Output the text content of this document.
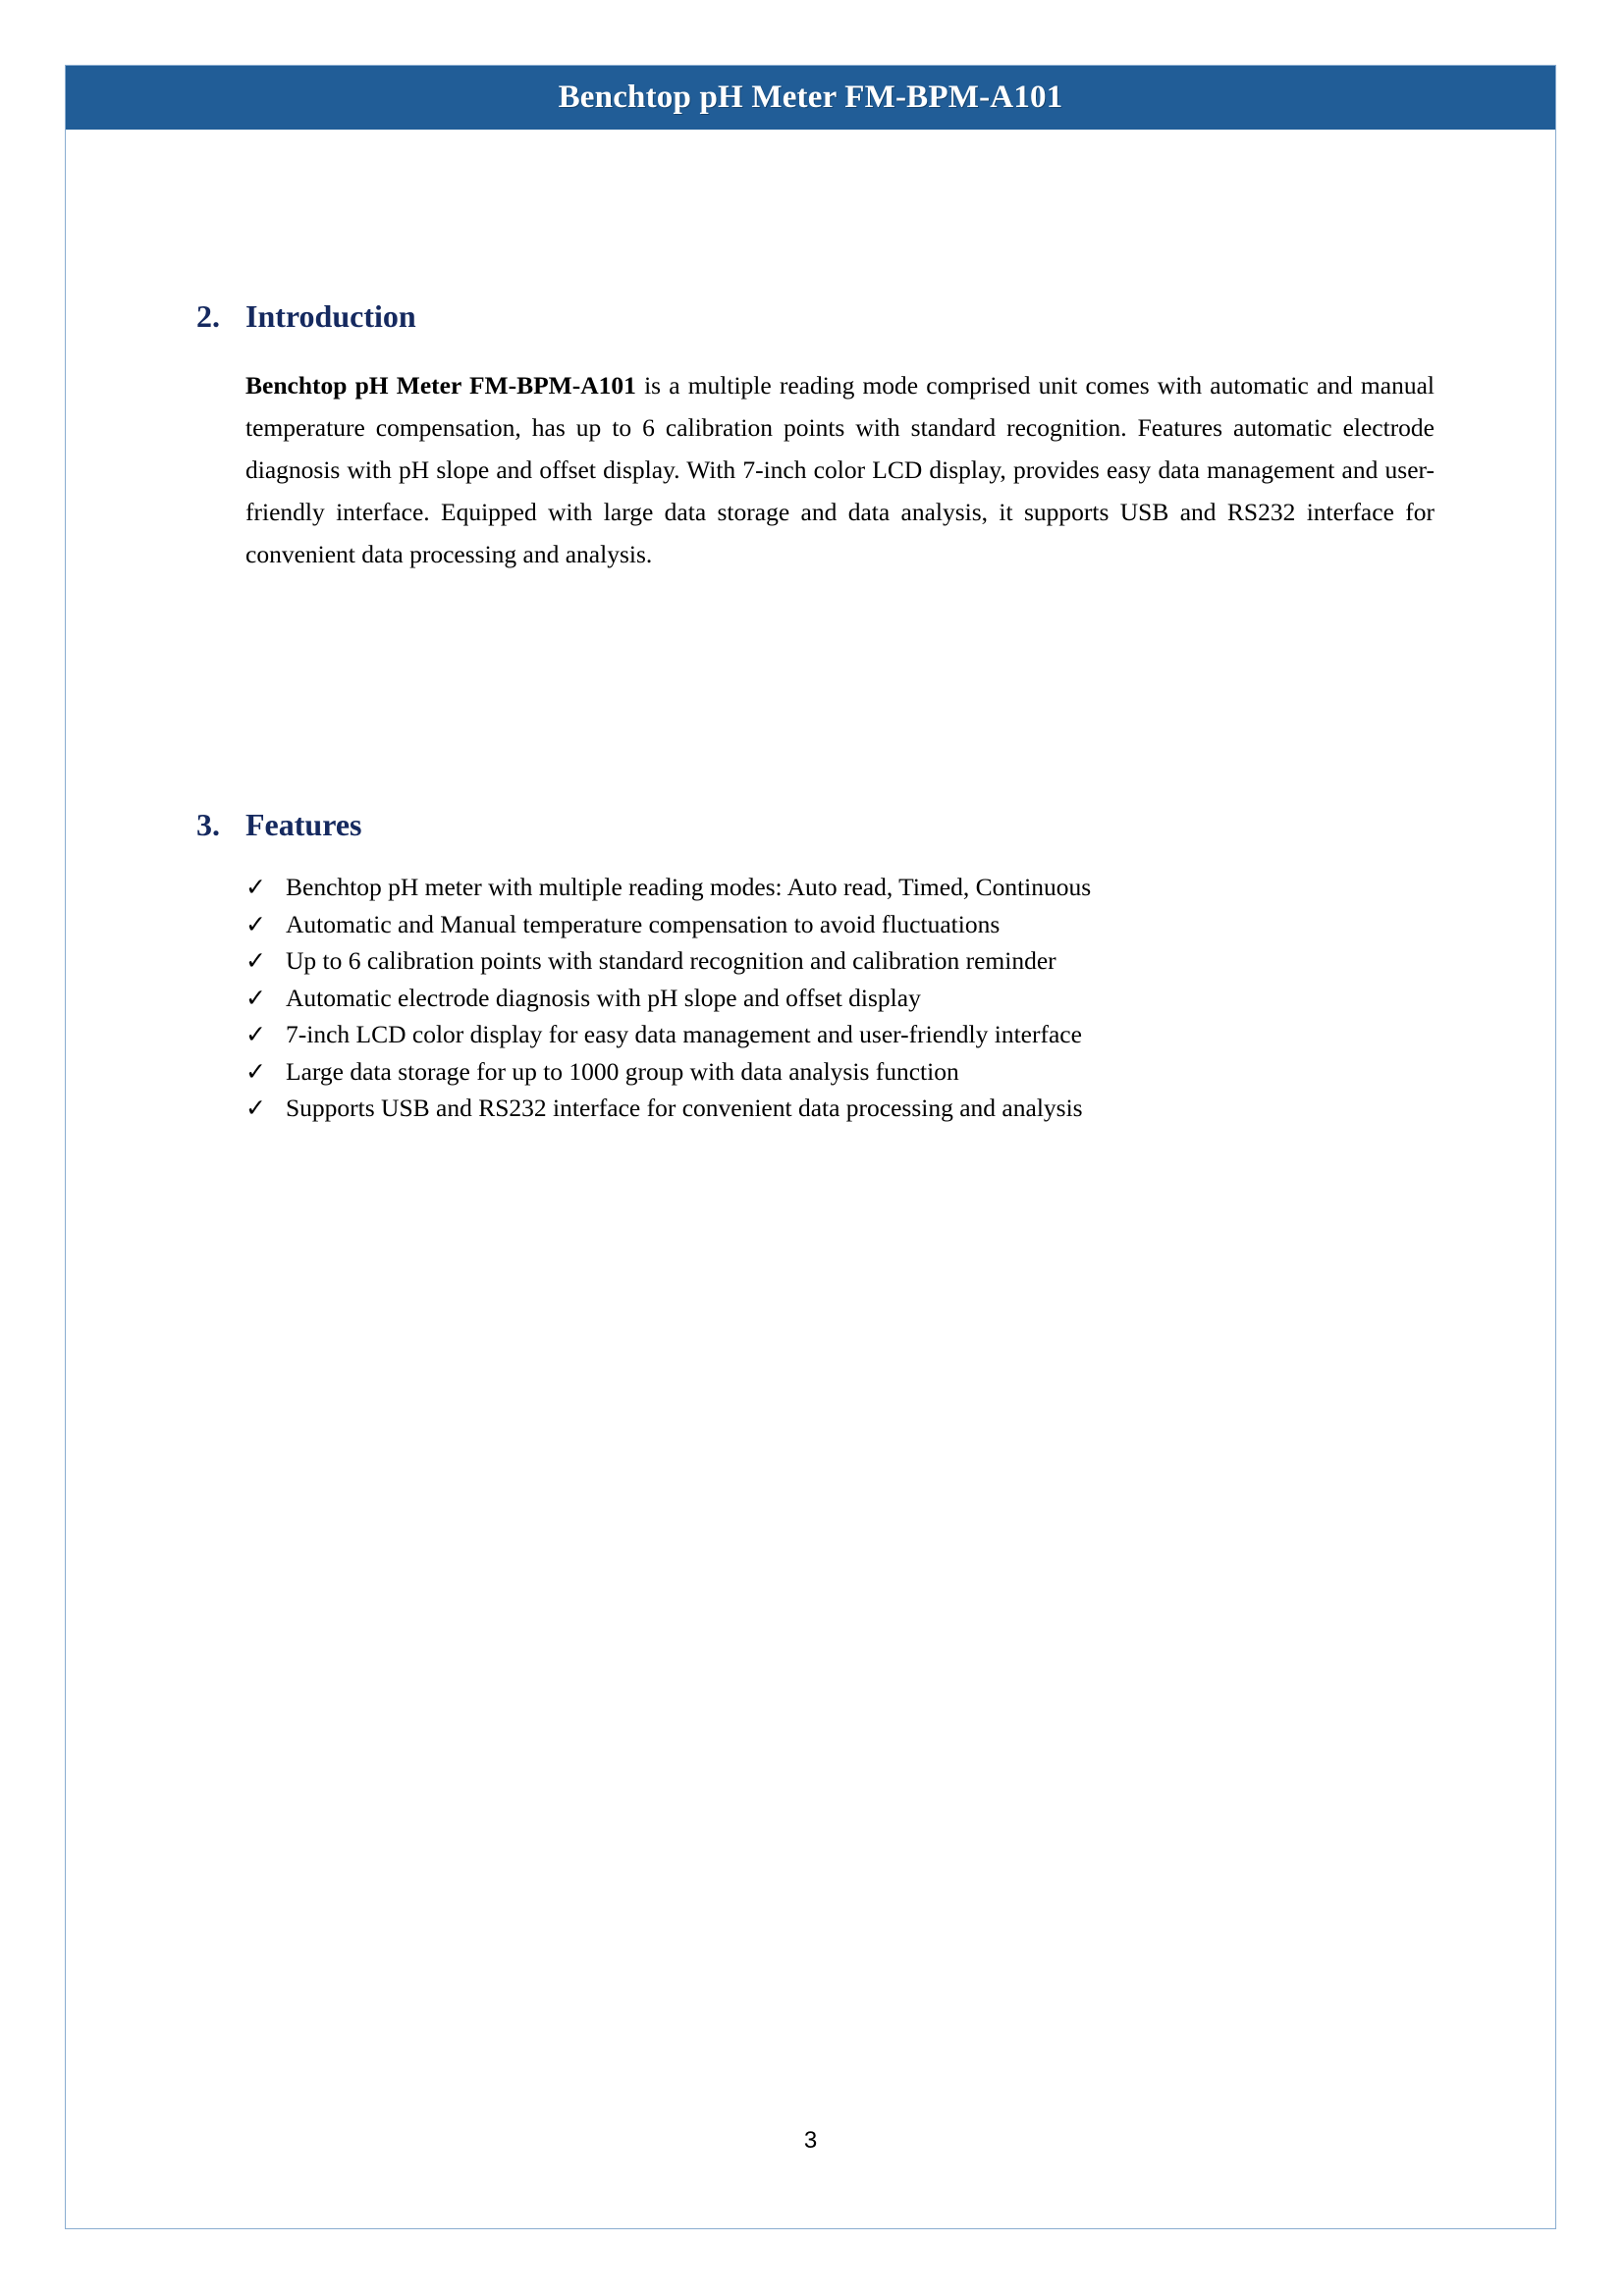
Benchtop pH Meter FM-BPM-A101
2. Introduction

Benchtop pH Meter FM-BPM-A101 is a multiple reading mode comprised unit comes with automatic and manual temperature compensation, has up to 6 calibration points with standard recognition. Features automatic electrode diagnosis with pH slope and offset display. With 7-inch color LCD display, provides easy data management and user-friendly interface. Equipped with large data storage and data analysis, it supports USB and RS232 interface for convenient data processing and analysis.

3. Features
✓ Benchtop pH meter with multiple reading modes: Auto read, Timed, Continuous
✓ Automatic and Manual temperature compensation to avoid fluctuations
✓ Up to 6 calibration points with standard recognition and calibration reminder
✓ Automatic electrode diagnosis with pH slope and offset display
✓ 7-inch LCD color display for easy data management and user-friendly interface
✓ Large data storage for up to 1000 group with data analysis function
✓ Supports USB and RS232 interface for convenient data processing and analysis
3
